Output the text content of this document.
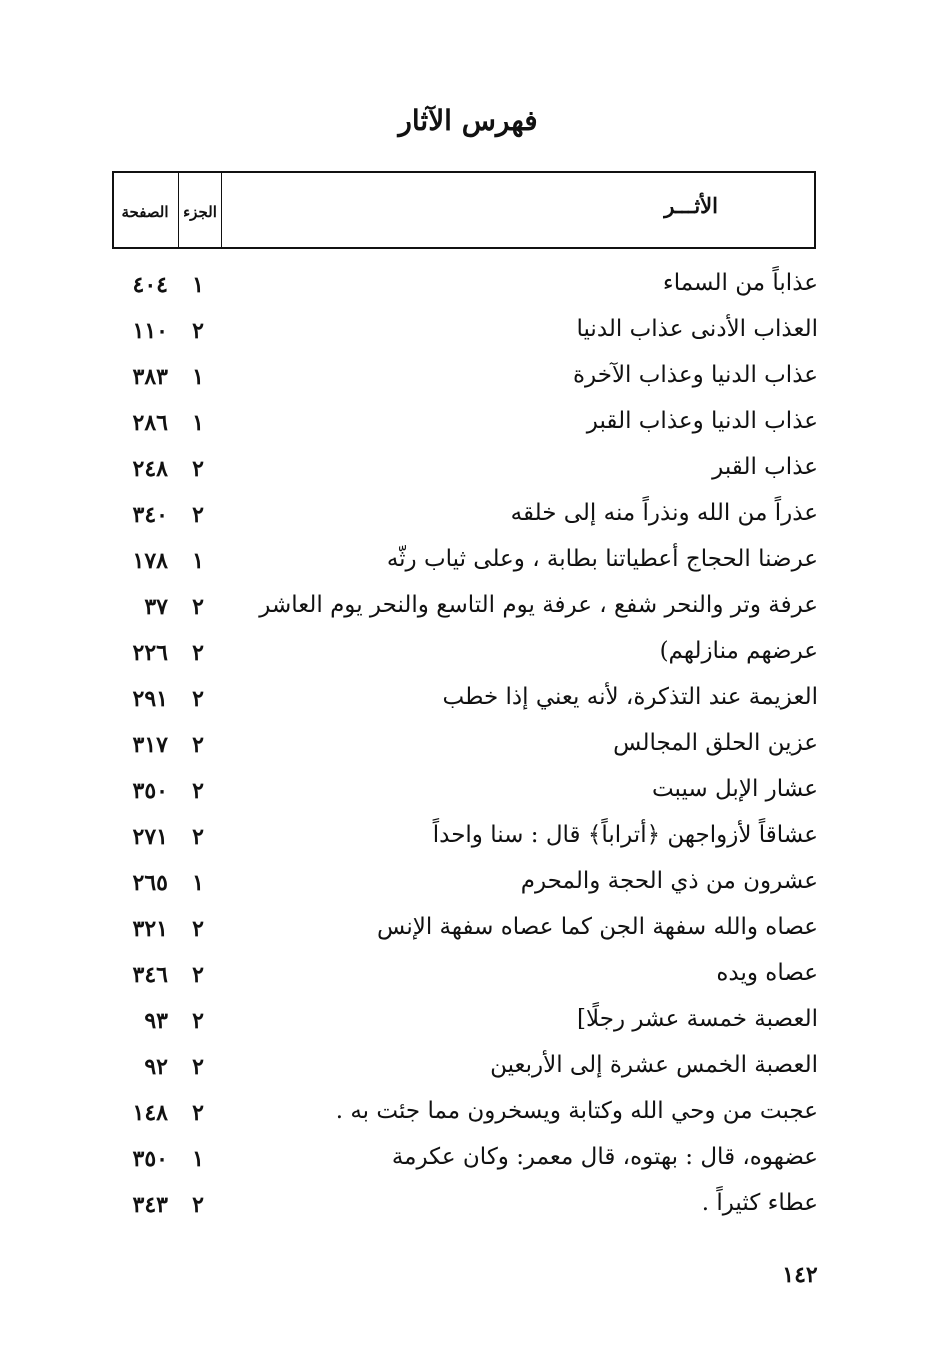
فهرس الآثار
الأثـــر
الجزء
الصفحة
عذاباً من السماء
١
٤٠٤
العذاب الأدنى عذاب الدنيا
٢
١١٠
عذاب الدنيا وعذاب الآخرة
١
٣٨٣
عذاب الدنيا وعذاب القبر
١
٢٨٦
عذاب القبر
٢
٢٤٨
عذراً من الله ونذراً منه إلى خلقه
٢
٣٤٠
عرضنا الحجاج أعطياتنا بطابة ، وعلى ثياب رثّه
١
١٧٨
عرفة وتر والنحر شفع ، عرفة يوم التاسع والنحر يوم العاشر
٢
٣٧
عرضهم منازلهم)
٢
٢٢٦
العزيمة عند التذكرة، لأنه يعني إذا خطب
٢
٢٩١
عزين الحلق المجالس
٢
٣١٧
عشار الإبل سيبت
٢
٣٥٠
عشاقاً لأزواجهن ﴿أتراباً﴾ قال : سنا واحداً
٢
٢٧١
عشرون من ذي الحجة والمحرم
١
٢٦٥
عصاه والله سفهة الجن كما عصاه سفهة الإنس
٢
٣٢١
عصاه ويده
٢
٣٤٦
العصبة خمسة عشر رجلًا]
٢
٩٣
العصبة الخمس عشرة إلى الأربعين
٢
٩٢
عجبت من وحي الله وكتابة ويسخرون مما جئت به .
٢
١٤٨
عضهوه، قال : بهتوه، قال معمر: وكان عكرمة
١
٣٥٠
عطاء كثيراً .
٢
٣٤٣
١٤٢
